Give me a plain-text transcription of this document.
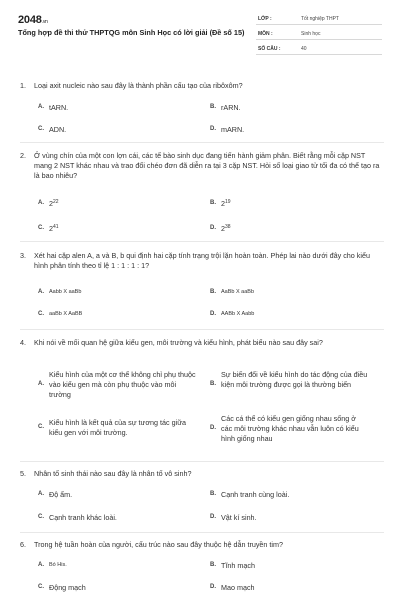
2048.vn
Tổng hợp đề thi thử THPTQG môn Sinh Học có lời giải (Đề số 15)
LỚP :	Tốt nghiệp THPT
MÔN :	Sinh học
SỐ CÂU :	40
1. Loại axit nucleic nào sau đây là thành phần cấu tạo của ribôxôm?
A. tARN.	B. rARN.
C. ADN.	D. mARN.
2. Ở vùng chín của một con lợn cái, các tế bào sinh dục đang tiến hành giảm phân. Biết rằng mỗi cặp NST mang 2 NST khác nhau và trao đổi chéo đơn đã diễn ra tại 3 cặp NST. Hỏi số loại giao tử tối đa có thể tạo ra là bao nhiêu?
A. $2^{22}$	B. $2^{19}$
C. $2^{41}$	D. $2^{38}$
3. Xét hai cặp alen A, a và B, b qui định hai cặp tính trạng trội lặn hoàn toàn. Phép lai nào dưới đây cho kiểu hình phân tính theo tỉ lệ 1 : 1 : 1 : 1?
A. Aabb X aaBb	B. AaBb X aaBb
C. aaBb X AaBB	D. AABb X Aabb
4. Khi nói về mối quan hệ giữa kiểu gen, môi trường và kiểu hình, phát biểu nào sau đây sai?
A.
Kiểu hình của một cơ thể không chỉ phụ thuộc vào kiểu gen mà còn phụ thuộc vào môi trường
B.
Sự biến đổi về kiểu hình do tác động của điều kiện môi trường được gọi là thường biến
C. Kiểu hình là kết quả của sự tương tác giữa kiểu gen với môi trường.	D.
Các cá thể có kiểu gen giống nhau sống ở các môi trường khác nhau vẫn luôn có kiểu hình giống nhau
5. Nhân tố sinh thái nào sau đây là nhân tố vô sinh?
A. Độ ẩm.	B. Cạnh tranh cùng loài.
C. Cạnh tranh khác loài.	D. Vật kí sinh.
6. Trong hệ tuần hoàn của người, cấu trúc nào sau đây thuộc hệ dẫn truyền tim?
A. Bó His.	B. Tĩnh mạch
C. Động mạch	D. Mao mạch
